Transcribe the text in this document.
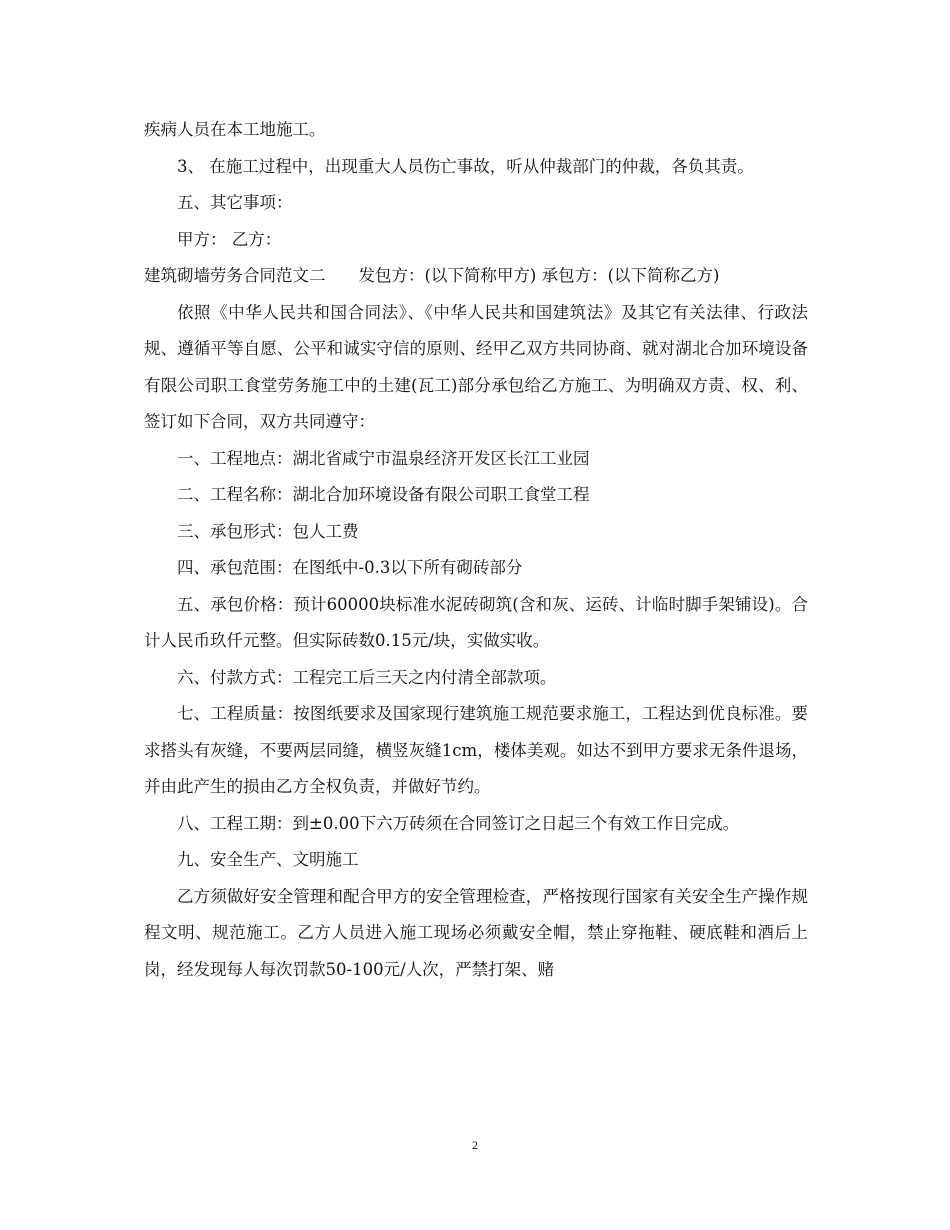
疾病人员在本工地施工。

3、 在施工过程中，出现重大人员伤亡事故，听从仲裁部门的仲裁，各负其责。

五、其它事项：

甲方： 乙方：

建筑砌墙劳务合同范文二　　发包方：(以下简称甲方) 承包方：(以下简称乙方)

依照《中华人民共和国合同法》、《中华人民共和国建筑法》及其它有关法律、行政法规、遵循平等自愿、公平和诚实守信的原则、经甲乙双方共同协商、就对湖北合加环境设备有限公司职工食堂劳务施工中的土建(瓦工)部分承包给乙方施工、为明确双方责、权、利、签订如下合同，双方共同遵守：

一、工程地点：湖北省咸宁市温泉经济开发区长江工业园

二、工程名称：湖北合加环境设备有限公司职工食堂工程

三、承包形式：包人工费

四、承包范围：在图纸中-0.3以下所有砌砖部分

五、承包价格：预计60000块标准水泥砖砌筑(含和灰、运砖、计临时脚手架铺设)。合计人民币玖仟元整。但实际砖数0.15元/块，实做实收。

六、付款方式：工程完工后三天之内付清全部款项。

七、工程质量：按图纸要求及国家现行建筑施工规范要求施工，工程达到优良标准。要求搭头有灰缝，不要两层同缝，横竖灰缝1cm，楼体美观。如达不到甲方要求无条件退场，并由此产生的损由乙方全权负责，并做好节约。

八、工程工期：到±0.00下六万砖须在合同签订之日起三个有效工作日完成。

九、安全生产、文明施工

乙方须做好安全管理和配合甲方的安全管理检查，严格按现行国家有关安全生产操作规程文明、规范施工。乙方人员进入施工现场必须戴安全帽，禁止穿拖鞋、硬底鞋和酒后上岗，经发现每人每次罚款50-100元/人次，严禁打架、赌

2
